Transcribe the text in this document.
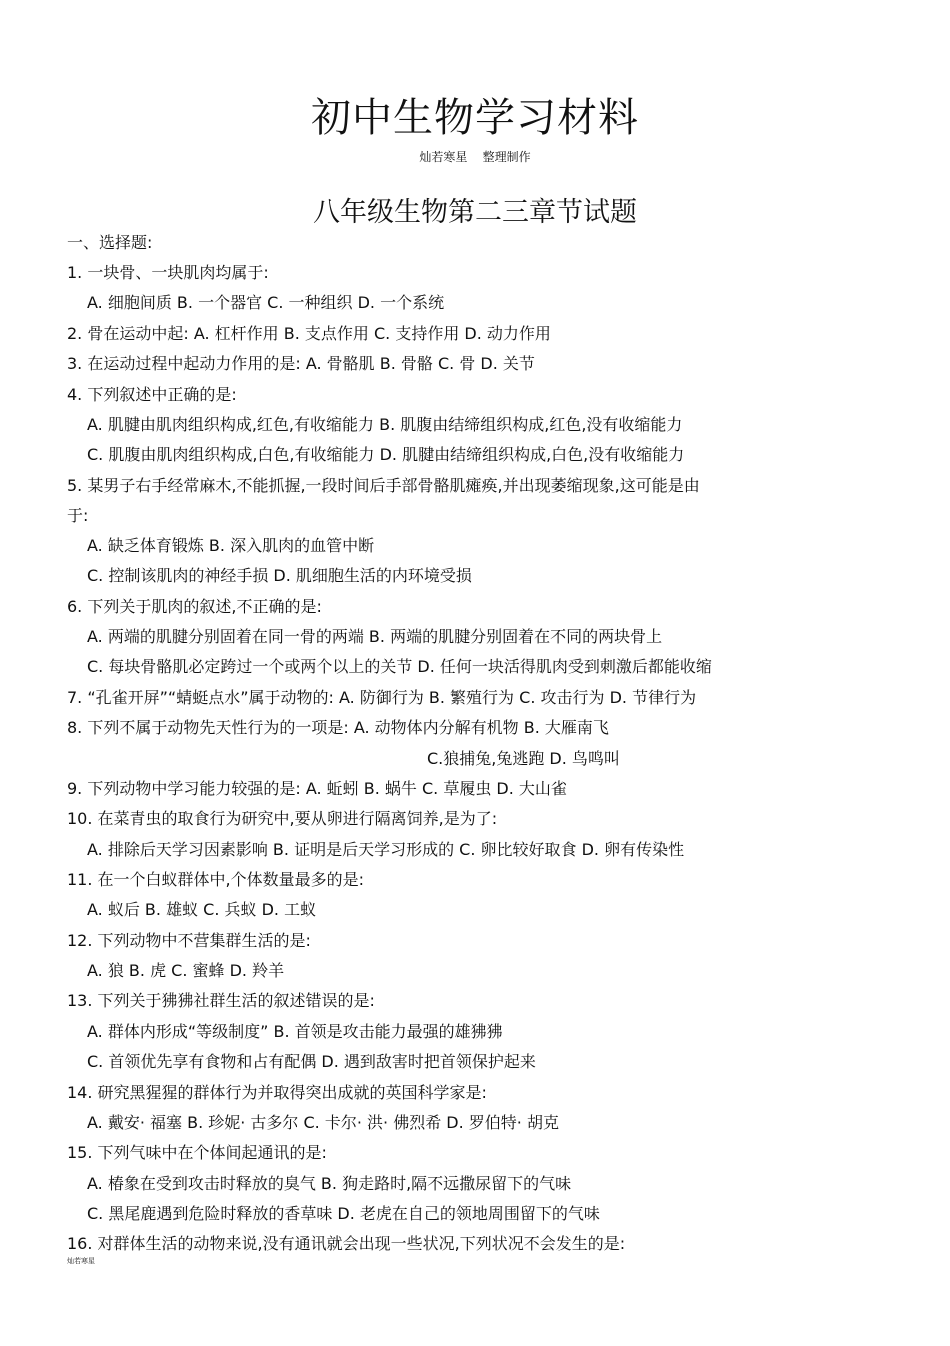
初中生物学习材料
灿若寒星    整理制作
八年级生物第二三章节试题
一、选择题:
1. 一块骨、一块肌肉均属于:
A. 细胞间质 B. 一个器官 C. 一种组织 D. 一个系统
2. 骨在运动中起: A. 杠杆作用 B. 支点作用 C. 支持作用 D. 动力作用
3. 在运动过程中起动力作用的是: A. 骨骼肌 B. 骨骼 C. 骨 D. 关节
4. 下列叙述中正确的是:
A. 肌腱由肌肉组织构成,红色,有收缩能力 B. 肌腹由结缔组织构成,红色,没有收缩能力
C. 肌腹由肌肉组织构成,白色,有收缩能力 D. 肌腱由结缔组织构成,白色,没有收缩能力
5. 某男子右手经常麻木,不能抓握,一段时间后手部骨骼肌瘫痪,并出现萎缩现象,这可能是由
于:
A. 缺乏体育锻炼 B. 深入肌肉的血管中断
C. 控制该肌肉的神经手损 D. 肌细胞生活的内环境受损
6. 下列关于肌肉的叙述,不正确的是:
A. 两端的肌腱分别固着在同一骨的两端 B. 两端的肌腱分别固着在不同的两块骨上
C. 每块骨骼肌必定跨过一个或两个以上的关节 D. 任何一块活得肌肉受到刺激后都能收缩
7. “孔雀开屏”“蜻蜓点水”属于动物的: A. 防御行为 B. 繁殖行为 C. 攻击行为 D. 节律行为
8. 下列不属于动物先天性行为的一项是: A. 动物体内分解有机物 B. 大雁南飞
C.狼捕兔,兔逃跑 D. 鸟鸣叫
9. 下列动物中学习能力较强的是: A. 蚯蚓 B. 蜗牛 C. 草履虫 D. 大山雀
10. 在菜青虫的取食行为研究中,要从卵进行隔离饲养,是为了:
A. 排除后天学习因素影响 B. 证明是后天学习形成的 C. 卵比较好取食 D. 卵有传染性
11. 在一个白蚁群体中,个体数量最多的是:
A. 蚁后 B. 雄蚁 C. 兵蚁 D. 工蚁
12. 下列动物中不营集群生活的是:
A. 狼 B. 虎 C. 蜜蜂 D. 羚羊
13. 下列关于狒狒社群生活的叙述错误的是:
A. 群体内形成“等级制度” B. 首领是攻击能力最强的雄狒狒
C. 首领优先享有食物和占有配偶 D. 遇到敌害时把首领保护起来
14. 研究黑猩猩的群体行为并取得突出成就的英国科学家是:
A. 戴安· 福塞 B. 珍妮· 古多尔 C. 卡尔· 洪· 佛烈希 D. 罗伯特· 胡克
15. 下列气味中在个体间起通讯的是:
A. 椿象在受到攻击时释放的臭气 B. 狗走路时,隔不远撒尿留下的气味
C. 黑尾鹿遇到危险时释放的香草味 D. 老虎在自己的领地周围留下的气味
16. 对群体生活的动物来说,没有通讯就会出现一些状况,下列状况不会发生的是:
灿若寒星
